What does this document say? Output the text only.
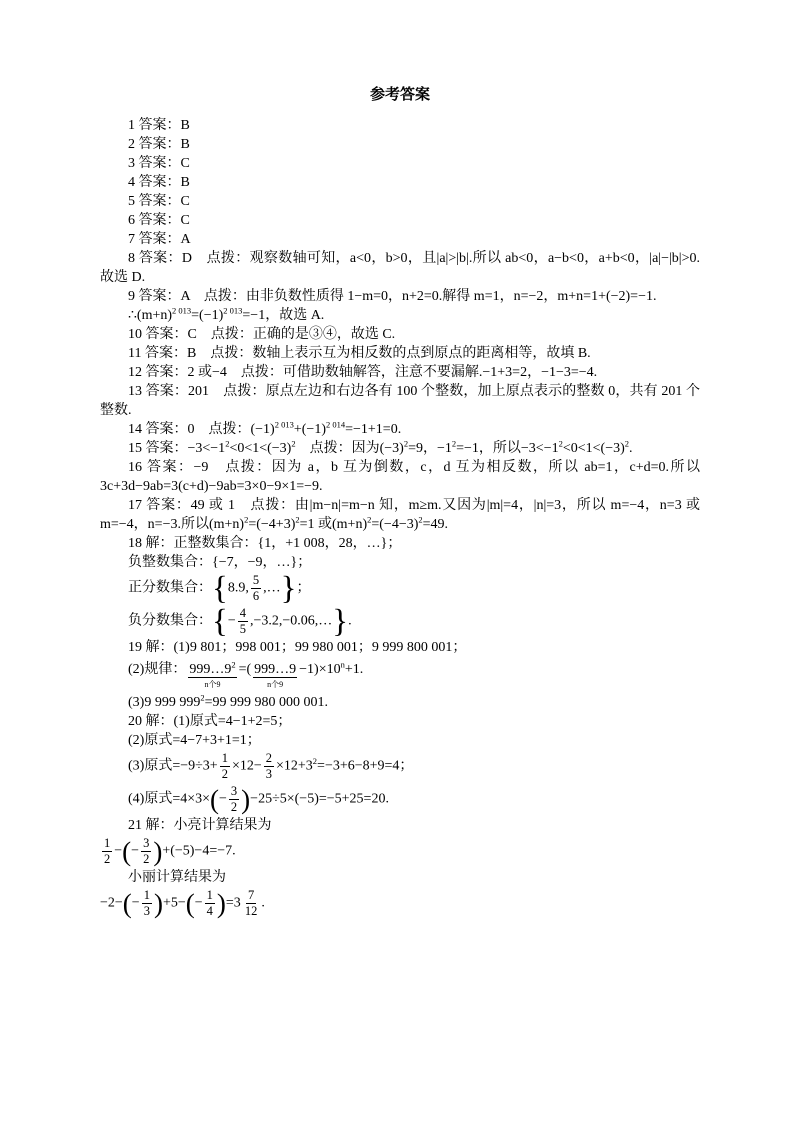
参考答案
1 答案：B
2 答案：B
3 答案：C
4 答案：B
5 答案：C
6 答案：C
7 答案：A
8 答案：D　点拨：观察数轴可知，a<0，b>0，且|a|>|b|.所以 ab<0，a−b<0，a+b<0，|a|−|b|>0.故选 D.
9 答案：A　点拨：由非负数性质得 1−m=0，n+2=0.解得 m=1，n=−2，m+n=1+(−2)=−1.
$\therefore(m+n)^{2 013}=(-1)^{2 013}=-1$，故选 A.
10 答案：C　点拨：正确的是③④，故选 C.
11 答案：B　点拨：数轴上表示互为相反数的点到原点的距离相等，故填 B.
12 答案：2 或−4　点拨：可借助数轴解答，注意不要漏解.−1+3=2，−1−3=−4.
13 答案：201　点拨：原点左边和右边各有 100 个整数，加上原点表示的整数 0，共有 201 个整数.
14 答案：0　点拨：$(-1)^{2 013}+(-1)^{2 014}=-1+1=0$.
15 答案：$-3<-1^2<0<1<(-3)^2$　点拨：因为$(-3)^2=9$，$-1^2=-1$，所以$-3<-1^2<0<1<(-3)^2$.
16 答案：−9　点拨：因为 a，b 互为倒数，c，d 互为相反数，所以 ab=1，c+d=0.所以 3c+3d−9ab=3(c+d)−9ab=3×0−9×1=−9.
17 答案：49 或 1　点拨：由|m−n|=m−n 知，m≥m.又因为|m|=4，|n|=3，所以 m=−4，n=3 或 m=−4，n=−3.所以$(m+n)^2=(-4+3)^2=1$ 或$(m+n)^2=(-4-3)^2=49$.
18 解：正整数集合：{1，+1 008，28，…}；
负整数集合：{−7，−9，…}；
正分数集合：{8.9, $\frac{5}{6}$ ,…}；
负分数集合：{− $\frac{4}{5}$ ,−3.2,−0.06,…}.
19 解：(1)9 801；998 001；99 980 001；9 999 800 001；
(2)规律： $999\dots 9^2$
n个9
=( 999…9
n个9
$-1)\times 10^n+1$.
(3)9 999 $999^2=99$ 999 980 000 001.
20 解：(1)原式=4−1+2=5；
(2)原式=4−7+3+1=1；
(3)原式$=-9\div 3+ \frac{1}{2} \times 12- \frac{2}{3} \times 12+3^2=-3+6-8+9=4$；
(4)原式$=4\times 3\times(- \frac{3}{2} )-25\div 5\times(-5)=-5+25=20$.
21 解：小亮计算结果为
$\frac{1}{2}$ −(− $\frac{3}{2} )+(-5)-4=-7$.
小丽计算结果为
$-2-(- \frac{1}{3} )+5-(- \frac{1}{4} )=3 \frac{7}{12}$ .
